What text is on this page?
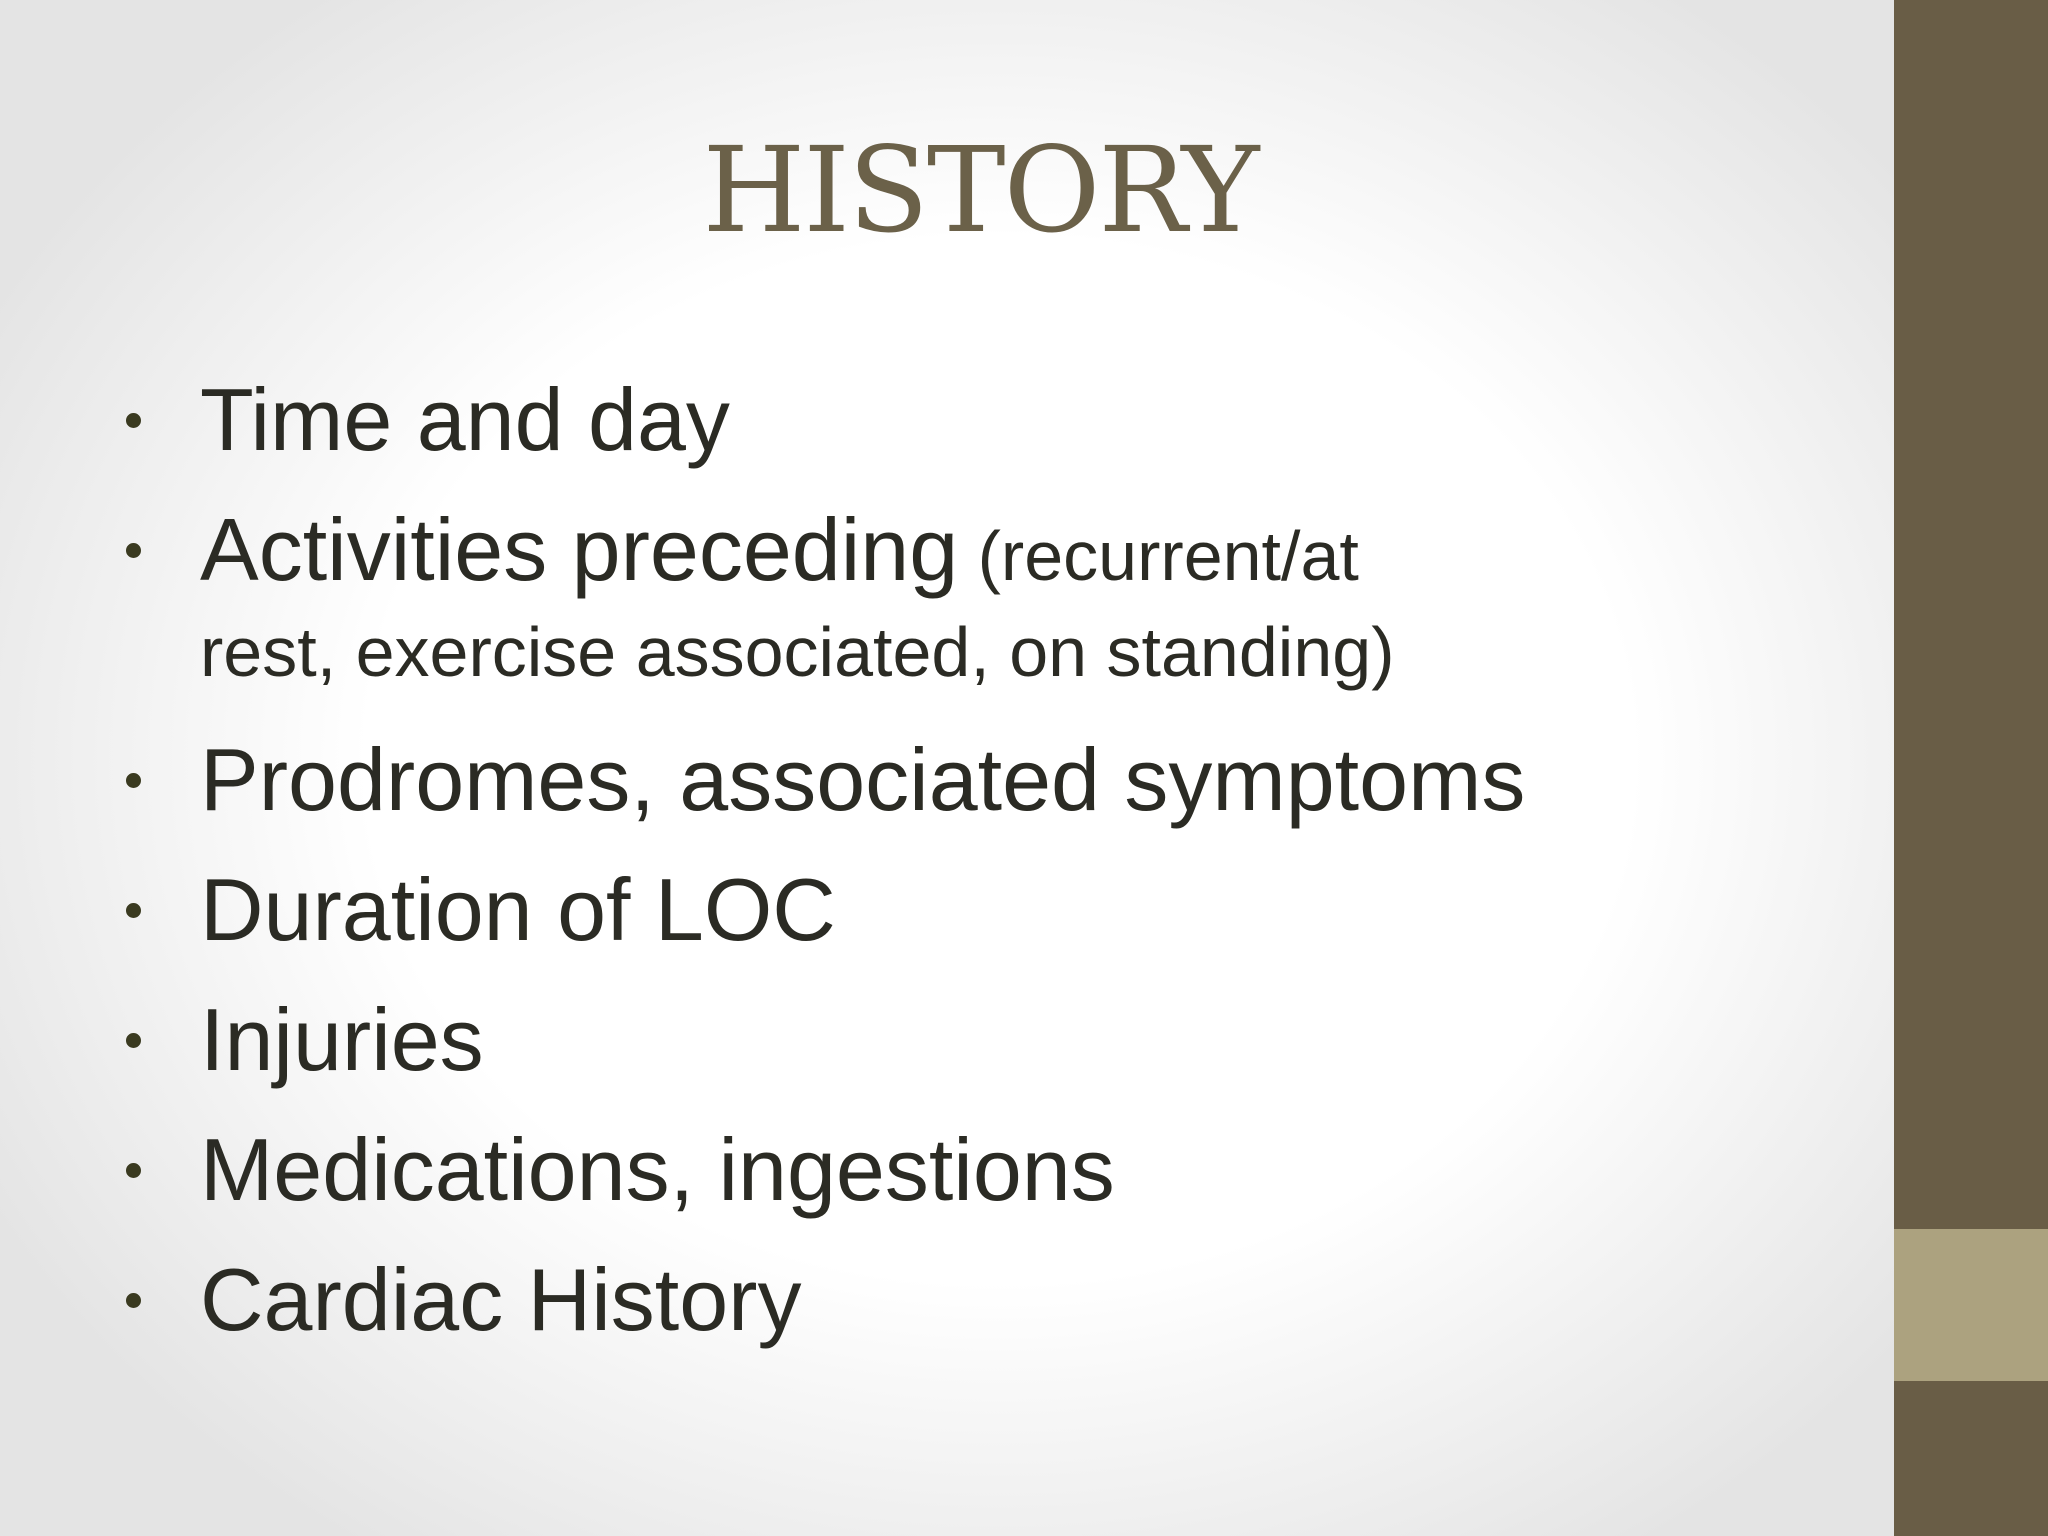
HISTORY
Time and day
Activities preceding (recurrent/at
rest, exercise associated, on standing)
Prodromes, associated symptoms
Duration of LOC
Injuries
Medications, ingestions
Cardiac History
